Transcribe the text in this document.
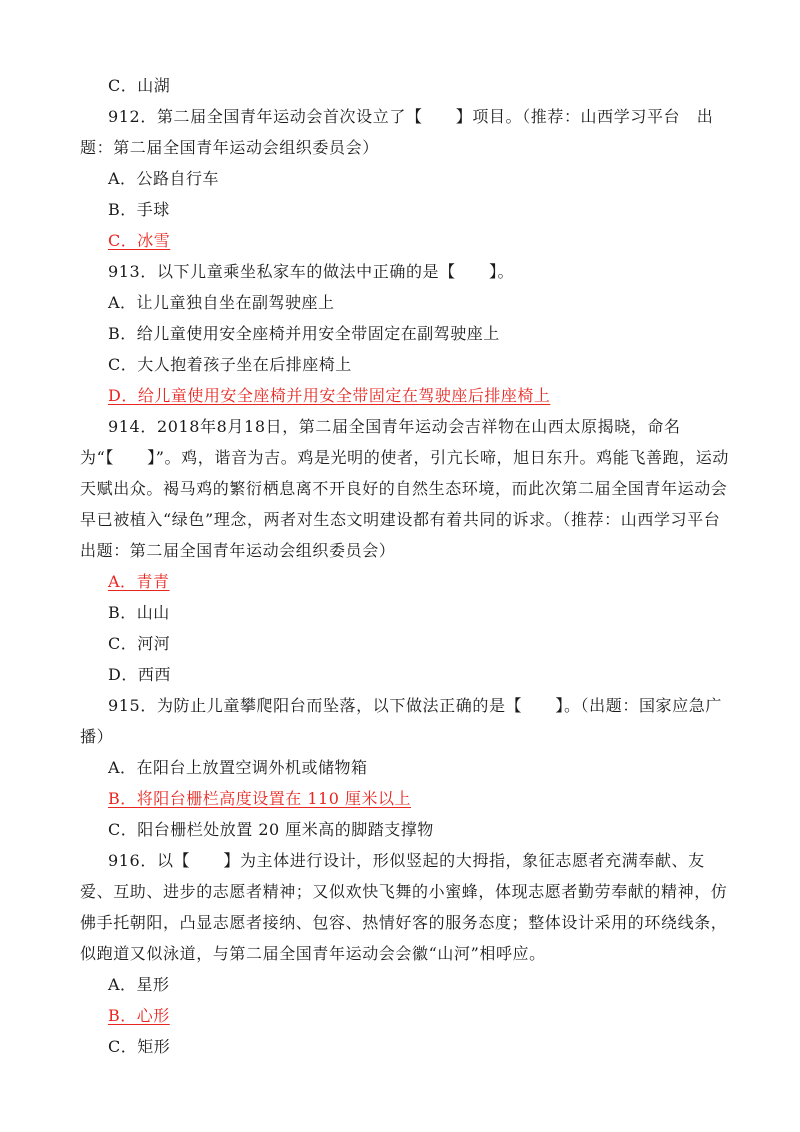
C．山湖
912．第二届全国青年运动会首次设立了【　　】项目。（推荐：山西学习平台　出题：第二届全国青年运动会组织委员会）
A．公路自行车
B．手球
C．冰雪
913．以下儿童乘坐私家车的做法中正确的是【　　】。
A．让儿童独自坐在副驾驶座上
B．给儿童使用安全座椅并用安全带固定在副驾驶座上
C．大人抱着孩子坐在后排座椅上
D．给儿童使用安全座椅并用安全带固定在驾驶座后排座椅上
914．2018年8月18日，第二届全国青年运动会吉祥物在山西太原揭晓，命名为“【　　】”。鸡，谐音为吉。鸡是光明的使者，引亢长啼，旭日东升。鸡能飞善跑，运动天赋出众。褐马鸡的繁衍栖息离不开良好的自然生态环境，而此次第二届全国青年运动会早已被植入“绿色”理念，两者对生态文明建设都有着共同的诉求。（推荐：山西学习平台　出题：第二届全国青年运动会组织委员会）
A．青青
B．山山
C．河河
D．西西
915．为防止儿童攀爬阳台而坠落，以下做法正确的是【　　】。（出题：国家应急广播）
A．在阳台上放置空调外机或储物箱
B．将阳台栅栏高度设置在 110 厘米以上
C．阳台栅栏处放置 20 厘米高的脚踏支撑物
916．以【　　】为主体进行设计，形似竖起的大拇指，象征志愿者充满奉献、友爱、互助、进步的志愿者精神；又似欢快飞舞的小蜜蜂，体现志愿者勤劳奉献的精神，仿佛手托朝阳，凸显志愿者接纳、包容、热情好客的服务态度；整体设计采用的环绕线条，似跑道又似泳道，与第二届全国青年运动会会徽“山河”相呼应。
A．星形
B．心形
C．矩形
